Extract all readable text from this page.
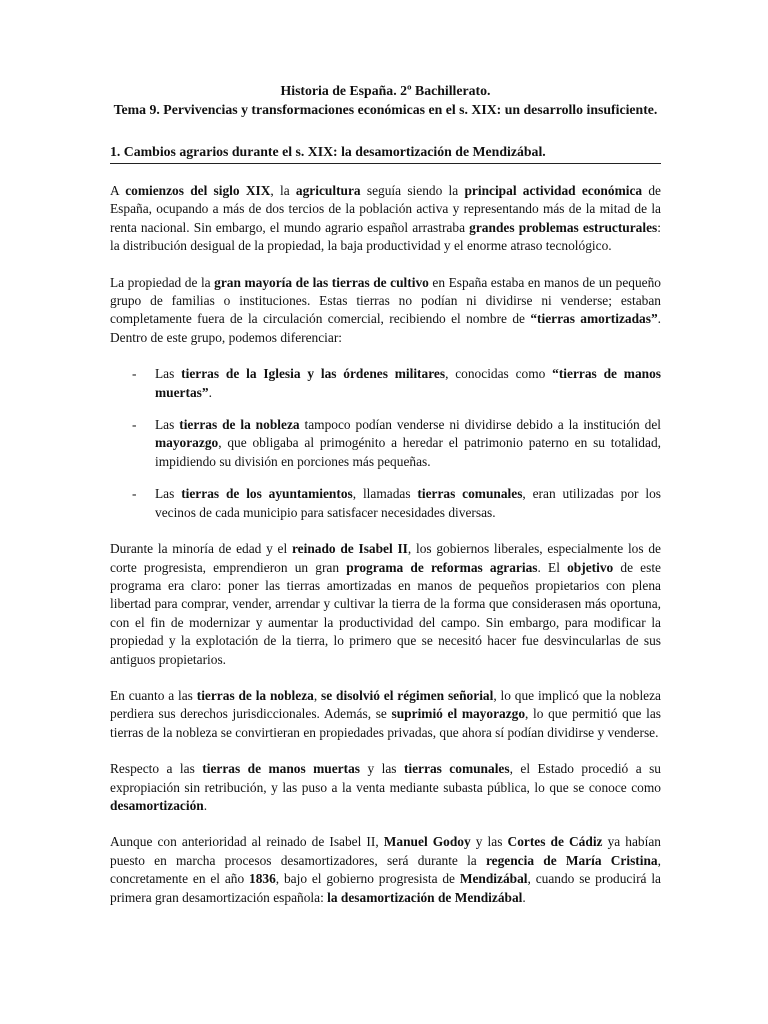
Historia de España. 2º Bachillerato.

Tema 9. Pervivencias y transformaciones económicas en el s. XIX: un desarrollo insuficiente.

1. Cambios agrarios durante el s. XIX: la desamortización de Mendizábal.

A comienzos del siglo XIX, la agricultura seguía siendo la principal actividad económica de España, ocupando a más de dos tercios de la población activa y representando más de la mitad de la renta nacional. Sin embargo, el mundo agrario español arrastraba grandes problemas estructurales: la distribución desigual de la propiedad, la baja productividad y el enorme atraso tecnológico.

La propiedad de la gran mayoría de las tierras de cultivo en España estaba en manos de un pequeño grupo de familias o instituciones. Estas tierras no podían ni dividirse ni venderse; estaban completamente fuera de la circulación comercial, recibiendo el nombre de “tierras amortizadas”. Dentro de este grupo, podemos diferenciar:

- Las tierras de la Iglesia y las órdenes militares, conocidas como “tierras de manos muertas”.
- Las tierras de la nobleza tampoco podían venderse ni dividirse debido a la institución del mayorazgo, que obligaba al primogénito a heredar el patrimonio paterno en su totalidad, impidiendo su división en porciones más pequeñas.
- Las tierras de los ayuntamientos, llamadas tierras comunales, eran utilizadas por los vecinos de cada municipio para satisfacer necesidades diversas.

Durante la minoría de edad y el reinado de Isabel II, los gobiernos liberales, especialmente los de corte progresista, emprendieron un gran programa de reformas agrarias. El objetivo de este programa era claro: poner las tierras amortizadas en manos de pequeños propietarios con plena libertad para comprar, vender, arrendar y cultivar la tierra de la forma que considerasen más oportuna, con el fin de modernizar y aumentar la productividad del campo. Sin embargo, para modificar la propiedad y la explotación de la tierra, lo primero que se necesitó hacer fue desvincularlas de sus antiguos propietarios.

En cuanto a las tierras de la nobleza, se disolvió el régimen señorial, lo que implicó que la nobleza perdiera sus derechos jurisdiccionales. Además, se suprimió el mayorazgo, lo que permitió que las tierras de la nobleza se convirtieran en propiedades privadas, que ahora sí podían dividirse y venderse.

Respecto a las tierras de manos muertas y las tierras comunales, el Estado procedió a su expropiación sin retribución, y las puso a la venta mediante subasta pública, lo que se conoce como desamortización.

Aunque con anterioridad al reinado de Isabel II, Manuel Godoy y las Cortes de Cádiz ya habían puesto en marcha procesos desamortizadores, será durante la regencia de María Cristina, concretamente en el año 1836, bajo el gobierno progresista de Mendizábal, cuando se producirá la primera gran desamortización española: la desamortización de Mendizábal.
